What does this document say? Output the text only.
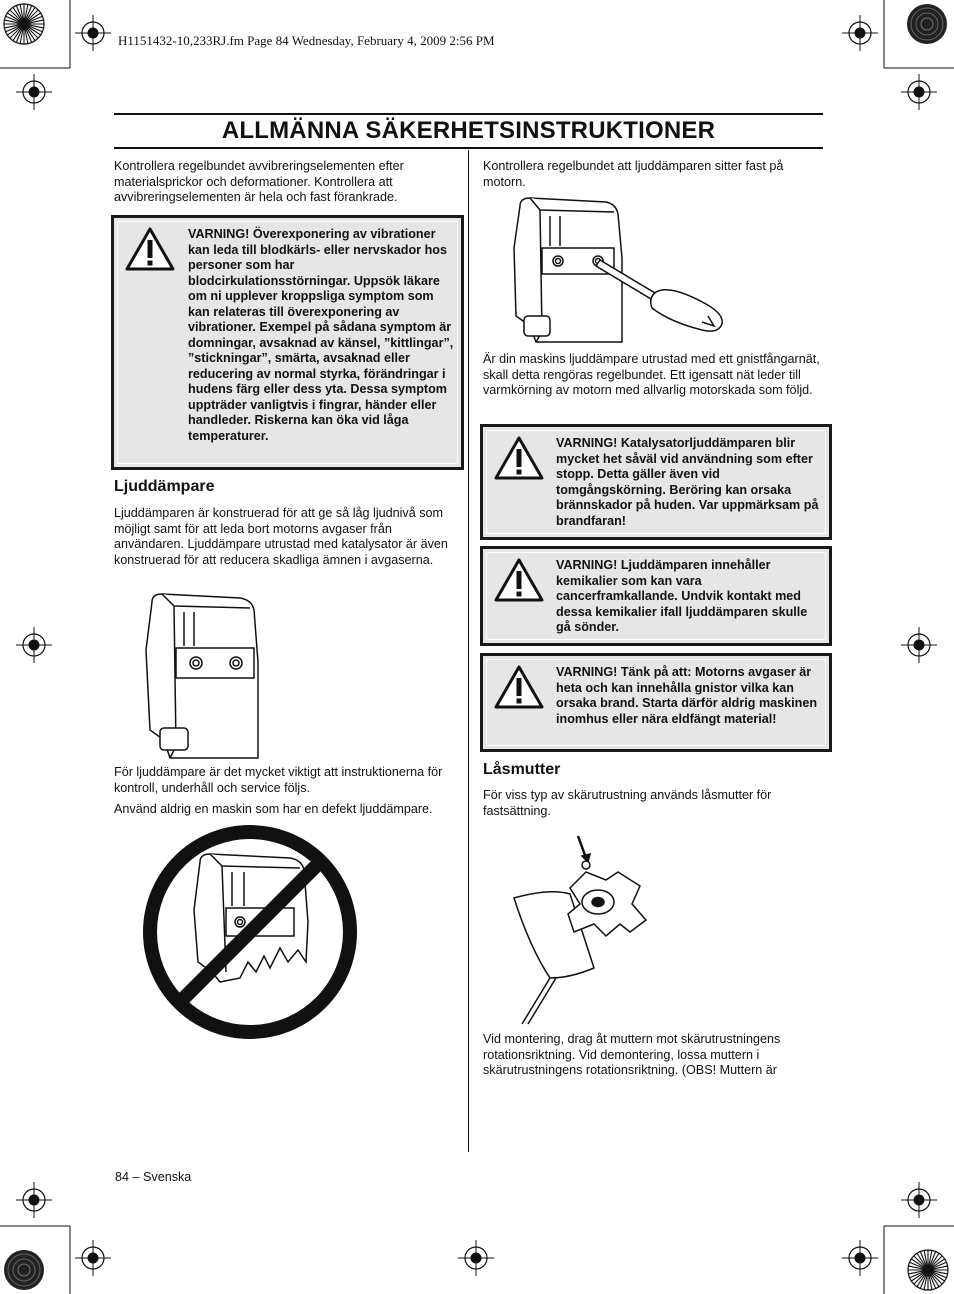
H1151432-10,233RJ.fm Page 84 Wednesday, February 4, 2009 2:56 PM
ALLMÄNNA SÄKERHETSINSTRUKTIONER
Kontrollera regelbundet avvibreringselementen efter materialsprickor och deformationer. Kontrollera att avvibreringselementen är hela och fast förankrade.
VARNING! Överexponering av vibrationer kan leda till blodkärls- eller nervskador hos personer som har blodcirkulationsstörningar. Uppsök läkare om ni upplever kroppsliga symptom som kan relateras till överexponering av vibrationer. Exempel på sådana symptom är domningar, avsaknad av känsel, ”kittlingar”, ”stickningar”, smärta, avsaknad eller reducering av normal styrka, förändringar i hudens färg eller dess yta. Dessa symptom uppträder vanligtvis i fingrar, händer eller handleder. Riskerna kan öka vid låga temperaturer.
Ljuddämpare
Ljuddämparen är konstruerad för att ge så låg ljudnivå som möjligt samt för att leda bort motorns avgaser från användaren. Ljuddämpare utrustad med katalysator är även konstruerad för att reducera skadliga ämnen i avgaserna.
För ljuddämpare är det mycket viktigt att instruktionerna för kontroll, underhåll och service följs.
Använd aldrig en maskin som har en defekt ljuddämpare.
Kontrollera regelbundet att ljuddämparen sitter fast på motorn.
Är din maskins ljuddämpare utrustad med ett gnistfångarnät, skall detta rengöras regelbundet. Ett igensatt nät leder till varmkörning av motorn med allvarlig motorskada som följd.
VARNING! Katalysatorljuddämparen blir mycket het såväl vid användning som efter stopp. Detta gäller även vid tomgångskörning. Beröring kan orsaka brännskador på huden. Var uppmärksam på brandfaran!
VARNING! Ljuddämparen innehåller kemikalier som kan vara cancerframkallande. Undvik kontakt med dessa kemikalier ifall ljuddämparen skulle gå sönder.
VARNING! Tänk på att: Motorns avgaser är heta och kan innehålla gnistor vilka kan orsaka brand. Starta därför aldrig maskinen inomhus eller nära eldfängt material!
Låsmutter
För viss typ av skärutrustning används låsmutter för fastsättning.
Vid montering, drag åt muttern mot skärutrustningens rotationsriktning. Vid demontering, lossa muttern i skärutrustningens rotationsriktning. (OBS! Muttern är
84 – Svenska
